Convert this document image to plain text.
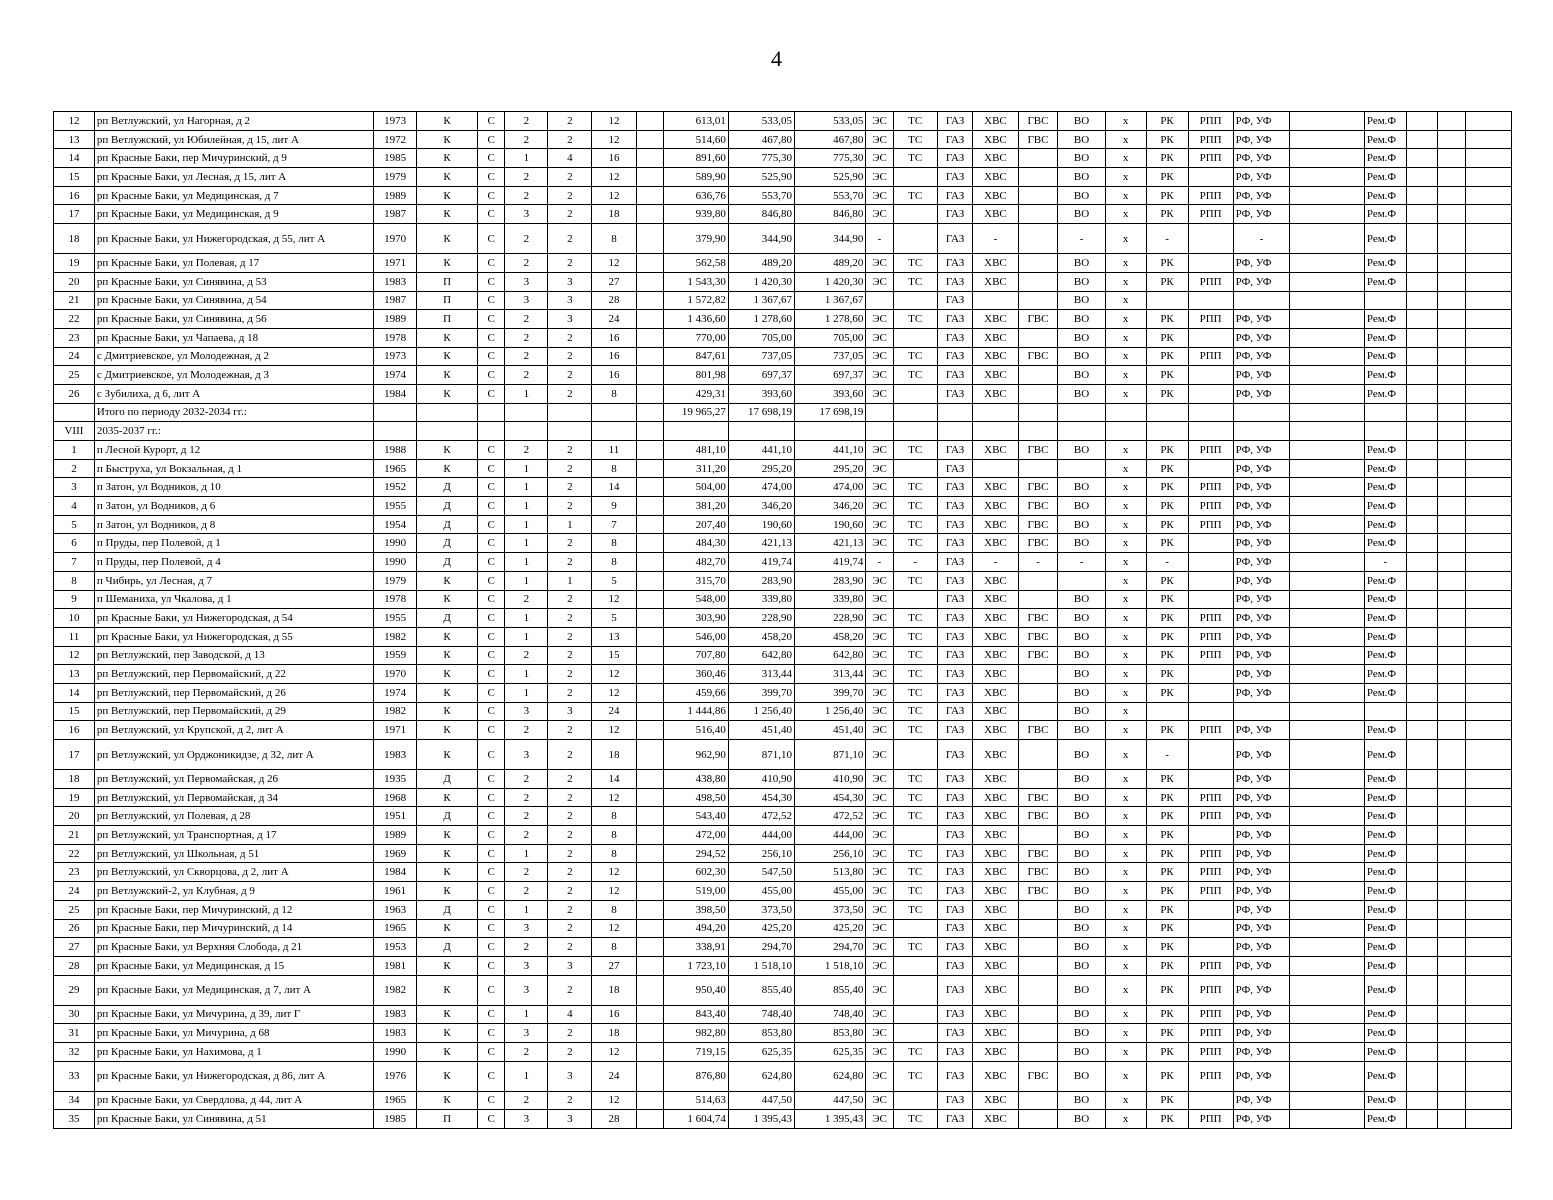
4
12	рп Ветлужский, ул Нагорная, д 2	1973	К	С	2	2	12		613,01	533,05	533,05	ЭС	ТС	ГАЗ	ХВС	ГВС	ВО	х	РК	РПП	РФ, УФ		Рем.Ф			
13	рп Ветлужский, ул Юбилейная, д 15, лит А	1972	К	С	2	2	12		514,60	467,80	467,80	ЭС	ТС	ГАЗ	ХВС	ГВС	ВО	х	РК	РПП	РФ, УФ		Рем.Ф			
14	рп Красные Баки, пер Мичуринский, д 9	1985	К	С	1	4	16		891,60	775,30	775,30	ЭС	ТС	ГАЗ	ХВС		ВО	х	РК	РПП	РФ, УФ		Рем.Ф			
15	рп Красные Баки, ул Лесная, д 15, лит А	1979	К	С	2	2	12		589,90	525,90	525,90	ЭС		ГАЗ	ХВС		ВО	х	РК		РФ, УФ		Рем.Ф			
16	рп Красные Баки, ул Медицинская, д 7	1989	К	С	2	2	12		636,76	553,70	553,70	ЭС	ТС	ГАЗ	ХВС		ВО	х	РК	РПП	РФ, УФ		Рем.Ф			
17	рп Красные Баки, ул Медицинская, д 9	1987	К	С	3	2	18		939,80	846,80	846,80	ЭС		ГАЗ	ХВС		ВО	х	РК	РПП	РФ, УФ		Рем.Ф			
18	рп Красные Баки, ул Нижегородская, д 55, лит А	1970	К	С	2	2	8		379,90	344,90	344,90	-		ГАЗ	-		-	х	-		-		Рем.Ф			
19	рп Красные Баки, ул Полевая, д 17	1971	К	С	2	2	12		562,58	489,20	489,20	ЭС	ТС	ГАЗ	ХВС		ВО	х	РК		РФ, УФ		Рем.Ф			
20	рп Красные Баки, ул Синявина, д 53	1983	П	С	3	3	27		1 543,30	1 420,30	1 420,30	ЭС	ТС	ГАЗ	ХВС		ВО	х	РК	РПП	РФ, УФ		Рем.Ф			
21	рп Красные Баки, ул Синявина, д 54	1987	П	С	3	3	28		1 572,82	1 367,67	1 367,67			ГАЗ			ВО	х								
22	рп Красные Баки, ул Синявина, д 56	1989	П	С	2	3	24		1 436,60	1 278,60	1 278,60	ЭС	ТС	ГАЗ	ХВС	ГВС	ВО	х	РК	РПП	РФ, УФ		Рем.Ф			
23	рп Красные Баки, ул Чапаева, д 18	1978	К	С	2	2	16		770,00	705,00	705,00	ЭС		ГАЗ	ХВС		ВО	х	РК		РФ, УФ		Рем.Ф			
24	с Дмитриевское, ул Молодежная, д 2	1973	К	С	2	2	16		847,61	737,05	737,05	ЭС	ТС	ГАЗ	ХВС	ГВС	ВО	х	РК	РПП	РФ, УФ		Рем.Ф			
25	с Дмитриевское, ул Молодежная, д 3	1974	К	С	2	2	16		801,98	697,37	697,37	ЭС	ТС	ГАЗ	ХВС		ВО	х	РК		РФ, УФ		Рем.Ф			
26	с Зубилиха, д 6, лит А	1984	К	С	1	2	8		429,31	393,60	393,60	ЭС		ГАЗ	ХВС		ВО	х	РК		РФ, УФ		Рем.Ф			
	Итого по периоду 2032-2034 гг.:								19 965,27	17 698,19	17 698,19															
VIII	2035-2037 гг.:																									
1	п Лесной Курорт, д 12	1988	К	С	2	2	11		481,10	441,10	441,10	ЭС	ТС	ГАЗ	ХВС	ГВС	ВО	х	РК	РПП	РФ, УФ		Рем.Ф			
2	п Быструха, ул Вокзальная, д 1	1965	К	С	1	2	8		311,20	295,20	295,20	ЭС		ГАЗ				х	РК		РФ, УФ		Рем.Ф			
3	п Затон, ул Водников, д 10	1952	Д	С	1	2	14		504,00	474,00	474,00	ЭС	ТС	ГАЗ	ХВС	ГВС	ВО	х	РК	РПП	РФ, УФ		Рем.Ф			
4	п Затон, ул Водников, д 6	1955	Д	С	1	2	9		381,20	346,20	346,20	ЭС	ТС	ГАЗ	ХВС	ГВС	ВО	х	РК	РПП	РФ, УФ		Рем.Ф			
5	п Затон, ул Водников, д 8	1954	Д	С	1	1	7		207,40	190,60	190,60	ЭС	ТС	ГАЗ	ХВС	ГВС	ВО	х	РК	РПП	РФ, УФ		Рем.Ф			
6	п Пруды, пер Полевой, д 1	1990	Д	С	1	2	8		484,30	421,13	421,13	ЭС	ТС	ГАЗ	ХВС	ГВС	ВО	х	РК		РФ, УФ		Рем.Ф			
7	п Пруды, пер Полевой, д 4	1990	Д	С	1	2	8		482,70	419,74	419,74	-	-	ГАЗ	-	-	-	х	-		РФ, УФ		-			
8	п Чибирь, ул Лесная, д 7	1979	К	С	1	1	5		315,70	283,90	283,90	ЭС	ТС	ГАЗ	ХВС			х	РК		РФ, УФ		Рем.Ф			
9	п Шеманиха, ул Чкалова, д 1	1978	К	С	2	2	12		548,00	339,80	339,80	ЭС		ГАЗ	ХВС		ВО	х	РК		РФ, УФ		Рем.Ф			
10	рп Красные Баки, ул Нижегородская, д 54	1955	Д	С	1	2	5		303,90	228,90	228,90	ЭС	ТС	ГАЗ	ХВС	ГВС	ВО	х	РК	РПП	РФ, УФ		Рем.Ф			
11	рп Красные Баки, ул Нижегородская, д 55	1982	К	С	1	2	13		546,00	458,20	458,20	ЭС	ТС	ГАЗ	ХВС	ГВС	ВО	х	РК	РПП	РФ, УФ		Рем.Ф			
12	рп Ветлужский, пер Заводской, д 13	1959	К	С	2	2	15		707,80	642,80	642,80	ЭС	ТС	ГАЗ	ХВС	ГВС	ВО	х	РК	РПП	РФ, УФ		Рем.Ф			
13	рп Ветлужский, пер Первомайский, д 22	1970	К	С	1	2	12		360,46	313,44	313,44	ЭС	ТС	ГАЗ	ХВС		ВО	х	РК		РФ, УФ		Рем.Ф			
14	рп Ветлужский, пер Первомайский, д 26	1974	К	С	1	2	12		459,66	399,70	399,70	ЭС	ТС	ГАЗ	ХВС		ВО	х	РК		РФ, УФ		Рем.Ф			
15	рп Ветлужский, пер Первомайский, д 29	1982	К	С	3	3	24		1 444,86	1 256,40	1 256,40	ЭС	ТС	ГАЗ	ХВС		ВО	х								
16	рп Ветлужский, ул Крупской, д 2, лит А	1971	К	С	2	2	12		516,40	451,40	451,40	ЭС	ТС	ГАЗ	ХВС	ГВС	ВО	х	РК	РПП	РФ, УФ		Рем.Ф			
17	рп Ветлужский, ул Орджоникидзе, д 32, лит А	1983	К	С	3	2	18		962,90	871,10	871,10	ЭС		ГАЗ	ХВС		ВО	х	-		РФ, УФ		Рем.Ф			
18	рп Ветлужский, ул Первомайская, д 26	1935	Д	С	2	2	14		438,80	410,90	410,90	ЭС	ТС	ГАЗ	ХВС		ВО	х	РК		РФ, УФ		Рем.Ф			
19	рп Ветлужский, ул Первомайская, д 34	1968	К	С	2	2	12		498,50	454,30	454,30	ЭС	ТС	ГАЗ	ХВС	ГВС	ВО	х	РК	РПП	РФ, УФ		Рем.Ф			
20	рп Ветлужский, ул Полевая, д 28	1951	Д	С	2	2	8		543,40	472,52	472,52	ЭС	ТС	ГАЗ	ХВС	ГВС	ВО	х	РК	РПП	РФ, УФ		Рем.Ф			
21	рп Ветлужский, ул Транспортная, д 17	1989	К	С	2	2	8		472,00	444,00	444,00	ЭС		ГАЗ	ХВС		ВО	х	РК		РФ, УФ		Рем.Ф			
22	рп Ветлужский, ул Школьная, д 51	1969	К	С	1	2	8		294,52	256,10	256,10	ЭС	ТС	ГАЗ	ХВС	ГВС	ВО	х	РК	РПП	РФ, УФ		Рем.Ф			
23	рп Ветлужский, ул Скворцова, д 2, лит А	1984	К	С	2	2	12		602,30	547,50	513,80	ЭС	ТС	ГАЗ	ХВС	ГВС	ВО	х	РК	РПП	РФ, УФ		Рем.Ф			
24	рп Ветлужский-2, ул Клубная, д 9	1961	К	С	2	2	12		519,00	455,00	455,00	ЭС	ТС	ГАЗ	ХВС	ГВС	ВО	х	РК	РПП	РФ, УФ		Рем.Ф			
25	рп Красные Баки, пер Мичуринский, д 12	1963	Д	С	1	2	8		398,50	373,50	373,50	ЭС	ТС	ГАЗ	ХВС		ВО	х	РК		РФ, УФ		Рем.Ф			
26	рп Красные Баки, пер Мичуринский, д 14	1965	К	С	3	2	12		494,20	425,20	425,20	ЭС		ГАЗ	ХВС		ВО	х	РК		РФ, УФ		Рем.Ф			
27	рп Красные Баки, ул Верхняя Слобода, д 21	1953	Д	С	2	2	8		338,91	294,70	294,70	ЭС	ТС	ГАЗ	ХВС		ВО	х	РК		РФ, УФ		Рем.Ф			
28	рп Красные Баки, ул Медицинская, д 15	1981	К	С	3	3	27		1 723,10	1 518,10	1 518,10	ЭС		ГАЗ	ХВС		ВО	х	РК	РПП	РФ, УФ		Рем.Ф			
29	рп Красные Баки, ул Медицинская, д 7, лит А	1982	К	С	3	2	18		950,40	855,40	855,40	ЭС		ГАЗ	ХВС		ВО	х	РК	РПП	РФ, УФ		Рем.Ф			
30	рп Красные Баки, ул Мичурина, д 39, лит Г	1983	К	С	1	4	16		843,40	748,40	748,40	ЭС		ГАЗ	ХВС		ВО	х	РК	РПП	РФ, УФ		Рем.Ф			
31	рп Красные Баки, ул Мичурина, д 68	1983	К	С	3	2	18		982,80	853,80	853,80	ЭС		ГАЗ	ХВС		ВО	х	РК	РПП	РФ, УФ		Рем.Ф			
32	рп Красные Баки, ул Нахимова, д 1	1990	К	С	2	2	12		719,15	625,35	625,35	ЭС	ТС	ГАЗ	ХВС		ВО	х	РК	РПП	РФ, УФ		Рем.Ф			
33	рп Красные Баки, ул Нижегородская, д 86, лит А	1976	К	С	1	3	24		876,80	624,80	624,80	ЭС	ТС	ГАЗ	ХВС	ГВС	ВО	х	РК	РПП	РФ, УФ		Рем.Ф			
34	рп Красные Баки, ул Свердлова, д 44, лит А	1965	К	С	2	2	12		514,63	447,50	447,50	ЭС		ГАЗ	ХВС		ВО	х	РК		РФ, УФ		Рем.Ф			
35	рп Красные Баки, ул Синявина, д 51	1985	П	С	3	3	28		1 604,74	1 395,43	1 395,43	ЭС	ТС	ГАЗ	ХВС		ВО	х	РК	РПП	РФ, УФ		Рем.Ф			
